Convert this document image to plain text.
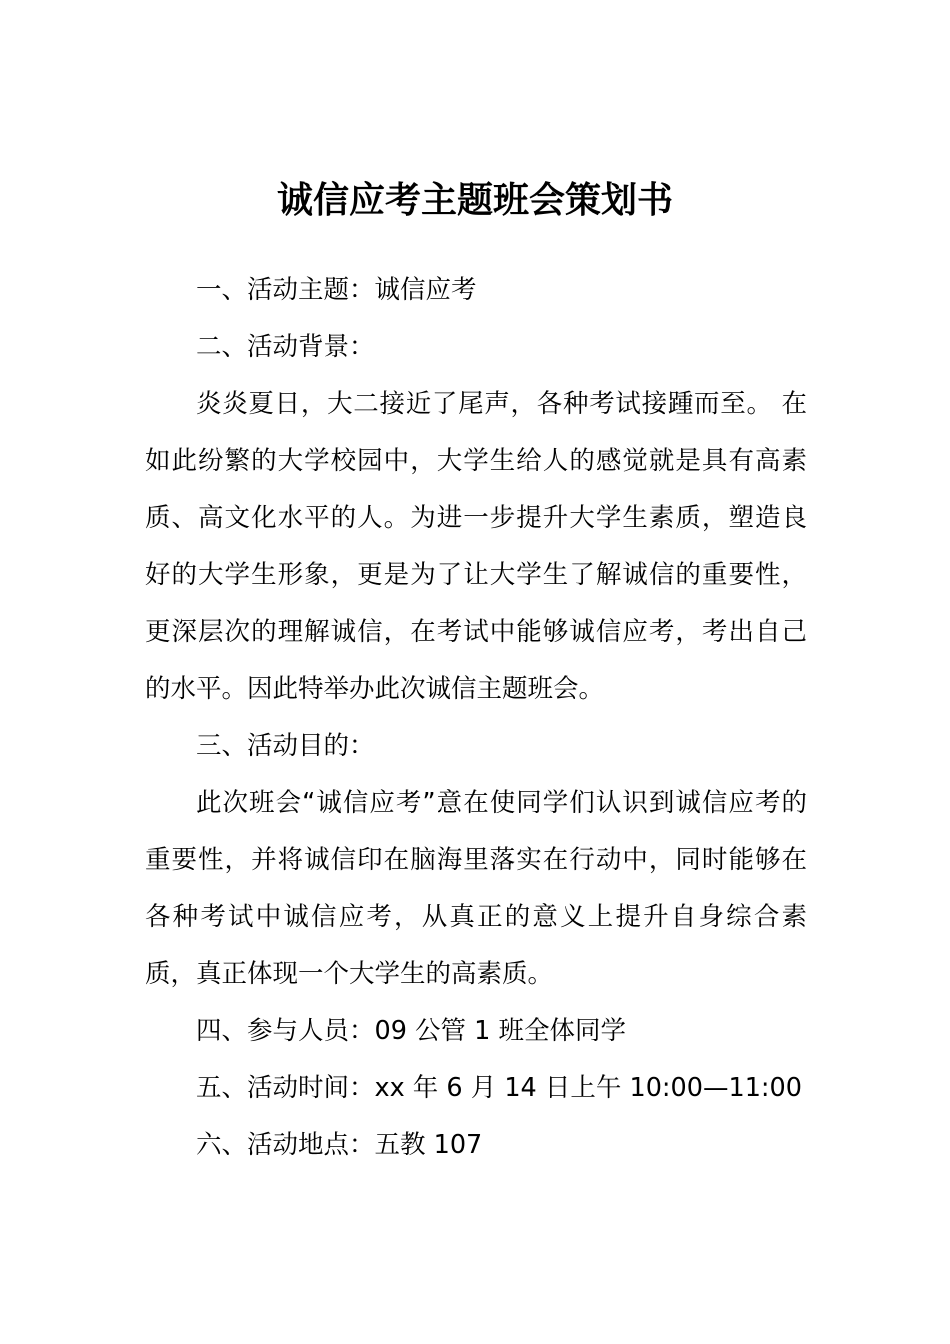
诚信应考主题班会策划书

一、活动主题：诚信应考

二、活动背景：

炎炎夏日，大二接近了尾声，各种考试接踵而至。 在如此纷繁的大学校园中，大学生给人的感觉就是具有高素质、高文化水平的人。为进一步提升大学生素质，塑造良好的大学生形象，更是为了让大学生了解诚信的重要性，更深层次的理解诚信，在考试中能够诚信应考，考出自己的水平。因此特举办此次诚信主题班会。

三、活动目的：

此次班会“诚信应考”意在使同学们认识到诚信应考的重要性，并将诚信印在脑海里落实在行动中，同时能够在各种考试中诚信应考，从真正的意义上提升自身综合素质，真正体现一个大学生的高素质。

四、参与人员：09 公管 1 班全体同学

五、活动时间：xx 年 6 月 14 日上午 10:00—11:00

六、活动地点：五教 107
